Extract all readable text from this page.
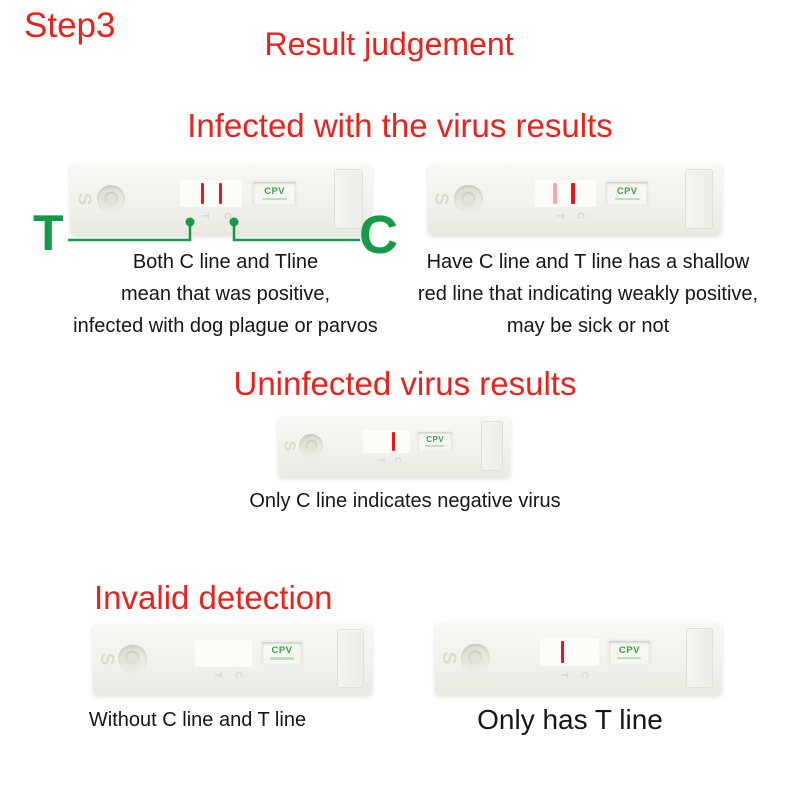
Step3	Result judgement
Infected with the virus results
S
CPV
T C
S
CPV
T C
T	C
Both C line and Tline
mean that was positive,
infected with dog plague or parvos
Have C line and T line has a shallow
red line that indicating weakly positive,
may be sick or not
Uninfected virus results
S
CPV
T C
Only C line indicates negative virus
Invalid detection
S
CPV
T C
S
CPV
T C
Without C line and T line	Only has T line
